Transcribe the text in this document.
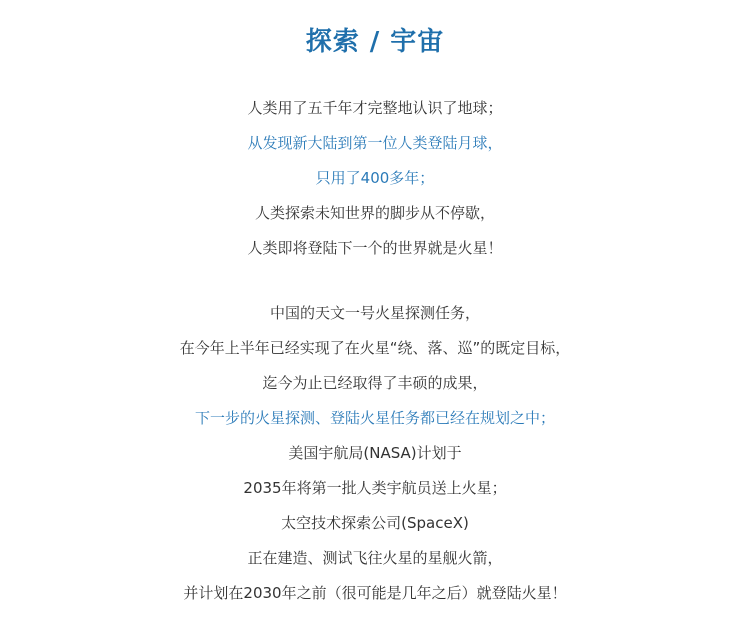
探索 / 宇宙

人类用了五千年才完整地认识了地球；

从发现新大陆到第一位人类登陆月球，

只用了400多年；

人类探索未知世界的脚步从不停歇，

人类即将登陆下一个的世界就是火星！

中国的天文一号火星探测任务，

在今年上半年已经实现了在火星“绕、落、巡”的既定目标，

迄今为止已经取得了丰硕的成果，

下一步的火星探测、登陆火星任务都已经在规划之中；

美国宇航局(NASA)计划于

2035年将第一批人类宇航员送上火星；

太空技术探索公司(SpaceX)

正在建造、测试飞往火星的星舰火箭，

并计划在2030年之前（很可能是几年之后）就登陆火星！
